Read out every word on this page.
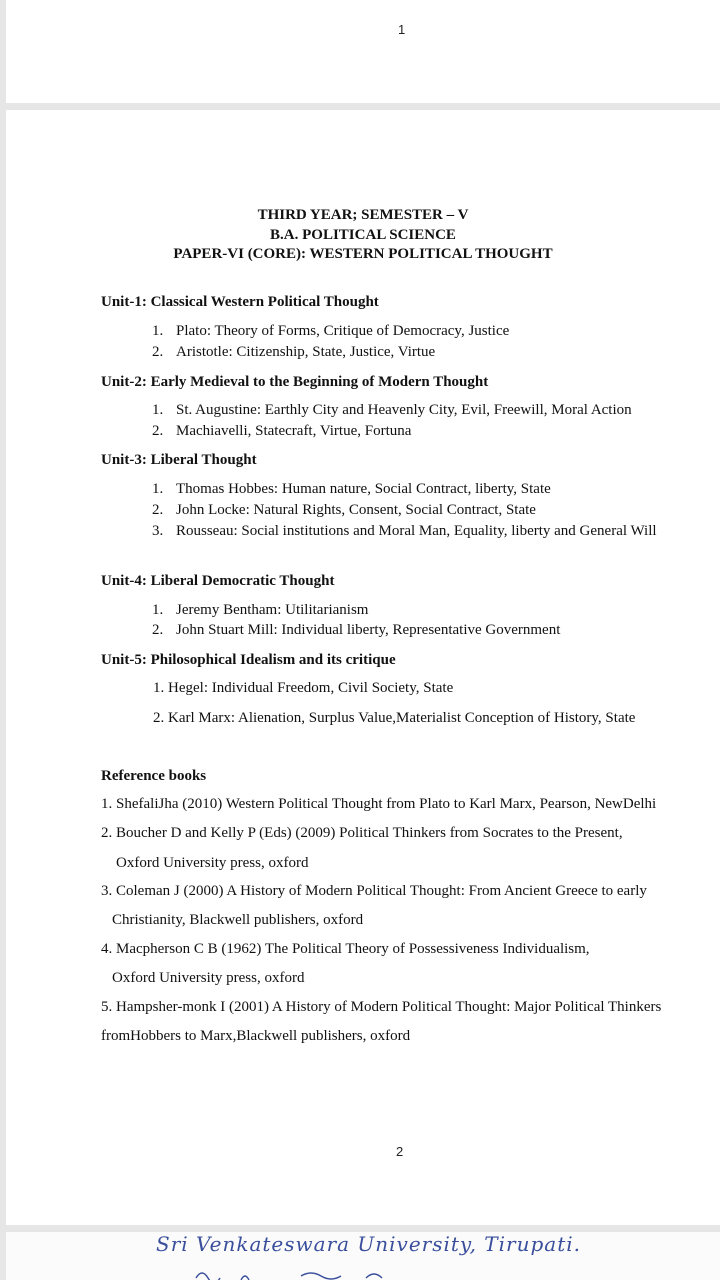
1
THIRD YEAR; SEMESTER – V
B.A. POLITICAL SCIENCE
PAPER-VI (CORE): WESTERN POLITICAL THOUGHT
Unit-1: Classical Western Political Thought
1. Plato: Theory of Forms, Critique of Democracy, Justice
2. Aristotle: Citizenship, State, Justice, Virtue
Unit-2: Early Medieval to the Beginning of Modern Thought
1. St. Augustine: Earthly City and Heavenly City, Evil, Freewill, Moral Action
2. Machiavelli, Statecraft, Virtue, Fortuna
Unit-3: Liberal Thought
1. Thomas Hobbes: Human nature, Social Contract, liberty, State
2. John Locke: Natural Rights, Consent, Social Contract, State
3. Rousseau: Social institutions and Moral Man, Equality, liberty and General Will
Unit-4: Liberal Democratic Thought
1. Jeremy Bentham: Utilitarianism
2. John Stuart Mill: Individual liberty, Representative Government
Unit-5: Philosophical Idealism and its critique
1. Hegel: Individual Freedom, Civil Society, State
2. Karl Marx: Alienation, Surplus Value,Materialist Conception of History, State
Reference books
1. ShefaliJha (2010) Western Political Thought from Plato to Karl Marx, Pearson, NewDelhi
2. Boucher D and Kelly P (Eds) (2009) Political Thinkers from Socrates to the Present,
Oxford University press, oxford
3. Coleman J (2000) A History of Modern Political Thought: From Ancient Greece to early
Christianity, Blackwell publishers, oxford
4. Macpherson C B (1962) The Political Theory of Possessiveness Individualism,
Oxford University press, oxford
5. Hampsher-monk I (2001) A History of Modern Political Thought: Major Political Thinkers
fromHobbers to Marx,Blackwell publishers, oxford
2
Sri Venkateswara University, Tirupati.
